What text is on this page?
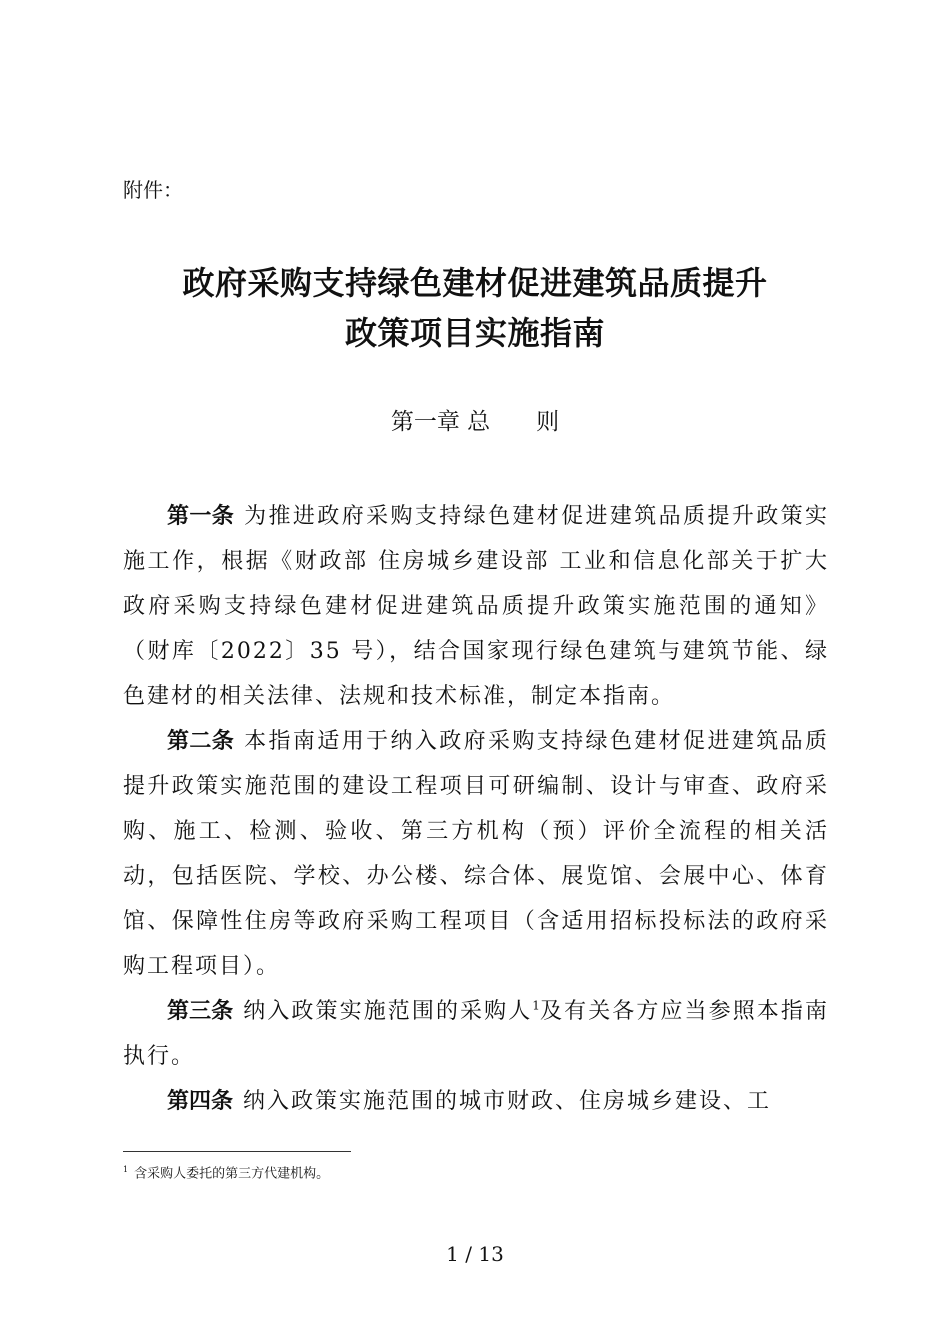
附件：
政府采购支持绿色建材促进建筑品质提升
政策项目实施指南
第一章 总　　则

第一条 为推进政府采购支持绿色建材促进建筑品质提升政策实施工作，根据《财政部 住房城乡建设部 工业和信息化部关于扩大政府采购支持绿色建材促进建筑品质提升政策实施范围的通知》（财库〔2022〕35 号），结合国家现行绿色建筑与建筑节能、绿色建材的相关法律、法规和技术标准，制定本指南。

第二条 本指南适用于纳入政府采购支持绿色建材促进建筑品质提升政策实施范围的建设工程项目可研编制、设计与审查、政府采购、施工、检测、验收、第三方机构（预）评价全流程的相关活动，包括医院、学校、办公楼、综合体、展览馆、会展中心、体育馆、保障性住房等政府采购工程项目（含适用招标投标法的政府采购工程项目）。

第三条 纳入政策实施范围的采购人$^1$及有关各方应当参照本指南执行。

第四条 纳入政策实施范围的城市财政、住房城乡建设、工

$^1$ 含采购人委托的第三方代建机构。
1 / 13
